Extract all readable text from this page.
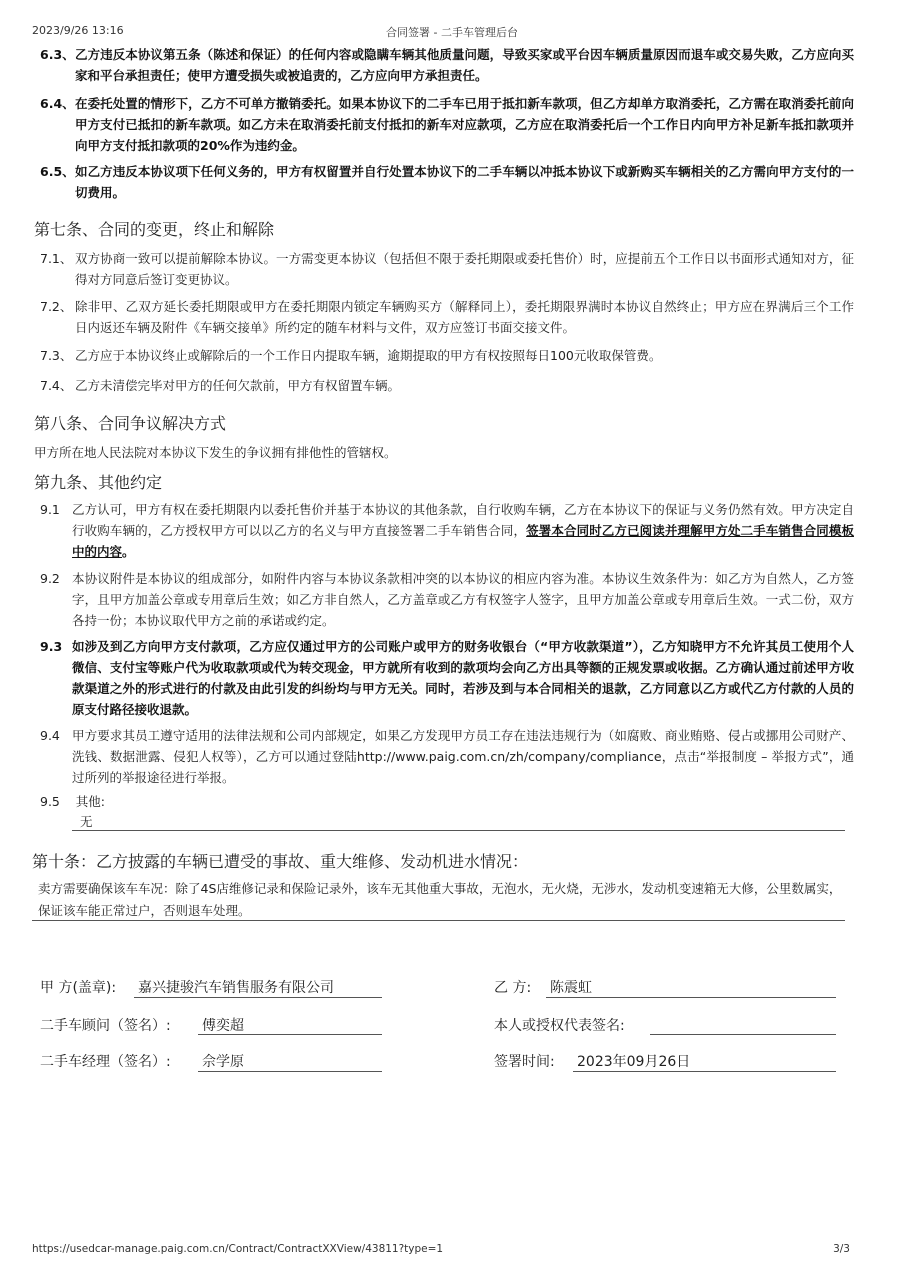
2023/9/26 13:16	合同签署 - 二手车管理后台
6.3、 乙方违反本协议第五条（陈述和保证）的任何内容或隐瞒车辆其他质量问题，导致买家或平台因车辆质量原因而退车或交易失败，乙方应向买家和平台承担责任；使甲方遭受损失或被追责的，乙方应向甲方承担责任。
6.4、 在委托处置的情形下，乙方不可单方撤销委托。如果本协议下的二手车已用于抵扣新车款项，但乙方却单方取消委托，乙方需在取消委托前向甲方支付已抵扣的新车款项。如乙方未在取消委托前支付抵扣的新车对应款项，乙方应在取消委托后一个工作日内向甲方补足新车抵扣款项并向甲方支付抵扣款项的20%作为违约金。
6.5、 如乙方违反本协议项下任何义务的，甲方有权留置并自行处置本协议下的二手车辆以冲抵本协议下或新购买车辆相关的乙方需向甲方支付的一切费用。
第七条、合同的变更，终止和解除
7.1、 双方协商一致可以提前解除本协议。一方需变更本协议（包括但不限于委托期限或委托售价）时，应提前五个工作日以书面形式通知对方，征得对方同意后签订变更协议。
7.2、 除非甲、乙双方延长委托期限或甲方在委托期限内锁定车辆购买方（解释同上），委托期限界满时本协议自然终止；甲方应在界满后三个工作日内返还车辆及附件《车辆交接单》所约定的随车材料与文件，双方应签订书面交接文件。
7.3、 乙方应于本协议终止或解除后的一个工作日内提取车辆，逾期提取的甲方有权按照每日100元收取保管费。
7.4、 乙方未清偿完毕对甲方的任何欠款前，甲方有权留置车辆。
第八条、合同争议解决方式
甲方所在地人民法院对本协议下发生的争议拥有排他性的管辖权。
第九条、其他约定
9.1 乙方认可，甲方有权在委托期限内以委托售价并基于本协议的其他条款，自行收购车辆，乙方在本协议下的保证与义务仍然有效。甲方决定自行收购车辆的，乙方授权甲方可以以乙方的名义与甲方直接签署二手车销售合同，签署本合同时乙方已阅读并理解甲方处二手车销售合同模板中的内容。
9.2 本协议附件是本协议的组成部分，如附件内容与本协议条款相冲突的以本协议的相应内容为准。本协议生效条件为：如乙方为自然人，乙方签字，且甲方加盖公章或专用章后生效；如乙方非自然人，乙方盖章或乙方有权签字人签字，且甲方加盖公章或专用章后生效。一式二份，双方各持一份；本协议取代甲方之前的承诺或约定。
9.3 如涉及到乙方向甲方支付款项，乙方应仅通过甲方的公司账户或甲方的财务收银台（“甲方收款渠道”），乙方知晓甲方不允许其员工使用个人微信、支付宝等账户代为收取款项或代为转交现金，甲方就所有收到的款项均会向乙方出具等额的正规发票或收据。乙方确认通过前述甲方收款渠道之外的形式进行的付款及由此引发的纠纷均与甲方无关。同时，若涉及到与本合同相关的退款，乙方同意以乙方或代乙方付款的人员的原支付路径接收退款。
9.4 甲方要求其员工遵守适用的法律法规和公司内部规定，如果乙方发现甲方员工存在违法违规行为（如腐败、商业贿赂、侵占或挪用公司财产、洗钱、数据泄露、侵犯人权等），乙方可以通过登陆http://www.paig.com.cn/zh/company/compliance，点击“举报制度 – 举报方式”，通过所列的举报途径进行举报。
9.5 其他:
无
第十条：乙方披露的车辆已遭受的事故、重大维修、发动机进水情况：
卖方需要确保该车车况：除了4S店维修记录和保险记录外，该车无其他重大事故，无泡水，无火烧，无涉水，发动机变速箱无大修，公里数属实，保证该车能正常过户，否则退车处理。
甲 方(盖章): 嘉兴捷骏汽车销售服务有限公司	乙 方: 陈震虹
二手车顾问（签名）: 傅奕超	本人或授权代表签名:
二手车经理（签名）: 佘学原	签署时间: 2023年09月26日
https://usedcar-manage.paig.com.cn/Contract/ContractXXView/43811?type=1	3/3
